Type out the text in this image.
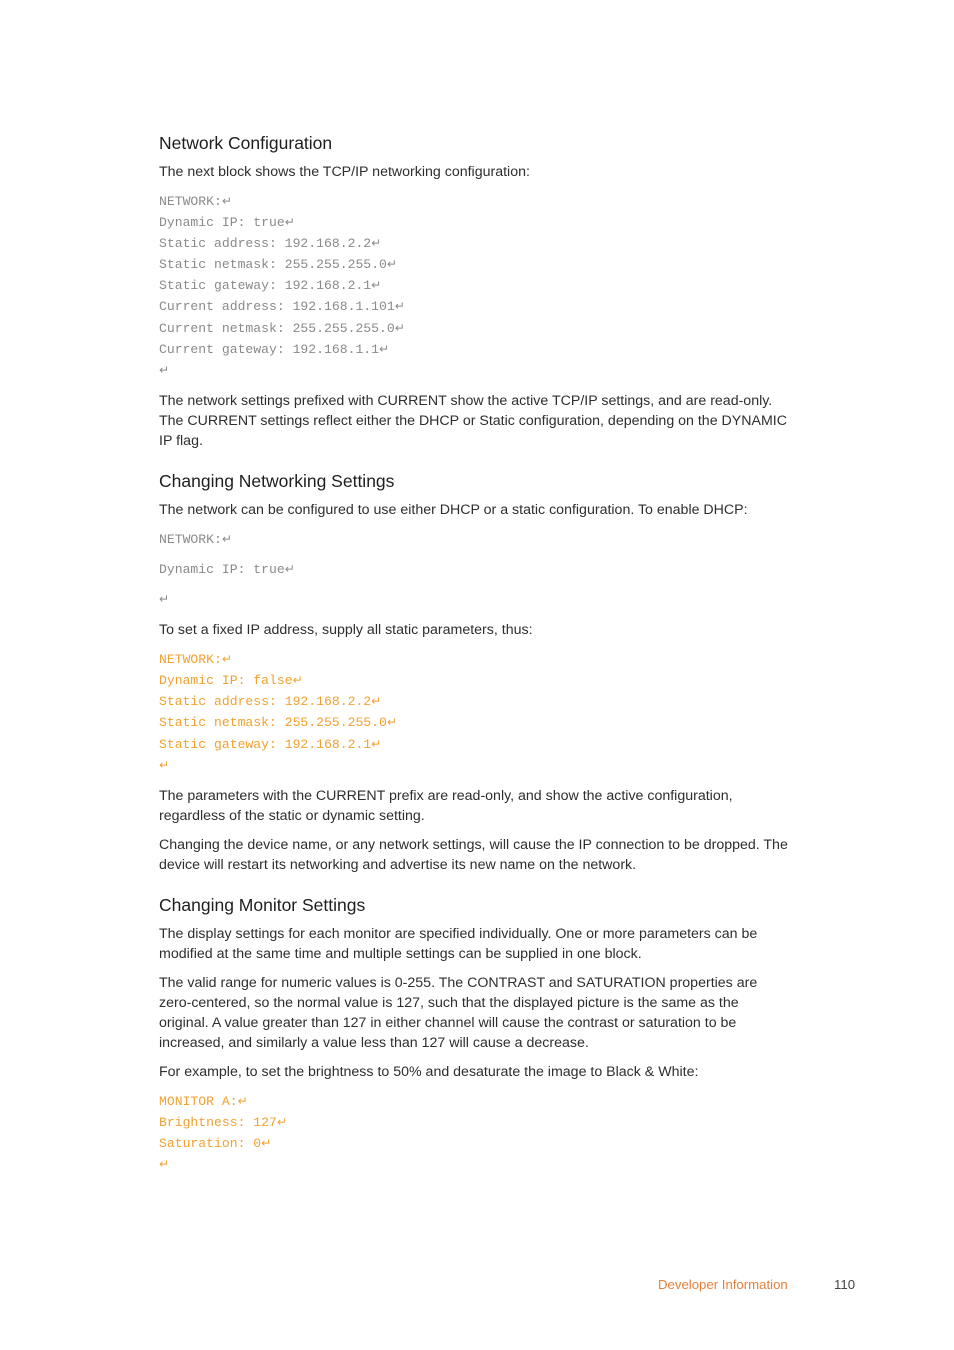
Network Configuration

The next block shows the TCP/IP networking configuration:

NETWORK:↵
Dynamic IP: true↵
Static address: 192.168.2.2↵
Static netmask: 255.255.255.0↵
Static gateway: 192.168.2.1↵
Current address: 192.168.1.101↵
Current netmask: 255.255.255.0↵
Current gateway: 192.168.1.1↵
↵

The network settings prefixed with CURRENT show the active TCP/IP settings, and are read-only. The CURRENT settings reflect either the DHCP or Static configuration, depending on the DYNAMIC IP flag.

Changing Networking Settings

The network can be configured to use either DHCP or a static configuration. To enable DHCP:

NETWORK:↵
Dynamic IP: true↵
↵

To set a fixed IP address, supply all static parameters, thus:

NETWORK:↵
Dynamic IP: false↵
Static address: 192.168.2.2↵
Static netmask: 255.255.255.0↵
Static gateway: 192.168.2.1↵
↵

The parameters with the CURRENT prefix are read-only, and show the active configuration, regardless of the static or dynamic setting.

Changing the device name, or any network settings, will cause the IP connection to be dropped. The device will restart its networking and advertise its new name on the network.

Changing Monitor Settings

The display settings for each monitor are specified individually. One or more parameters can be modified at the same time and multiple settings can be supplied in one block.

The valid range for numeric values is 0-255. The CONTRAST and SATURATION properties are zero-centered, so the normal value is 127, such that the displayed picture is the same as the original. A value greater than 127 in either channel will cause the contrast or saturation to be increased, and similarly a value less than 127 will cause a decrease.

For example, to set the brightness to 50% and desaturate the image to Black & White:

MONITOR A:↵
Brightness: 127↵
Saturation: 0↵
↵
Developer Information	110
